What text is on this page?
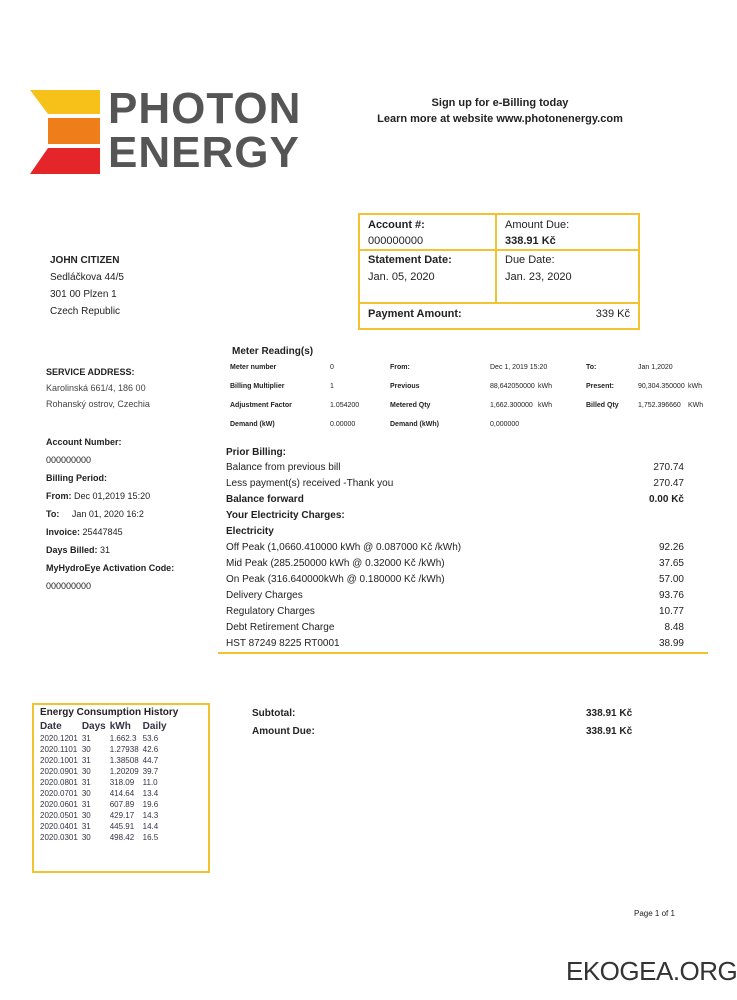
PHOTON
ENERGY
Sign up for e-Billing today
Learn more at website www.photonenergy.com
Account #:
000000000
Amount Due:
338.91 Kč
Statement Date:
Jan. 05, 2020
Due Date:
Jan. 23, 2020
Payment Amount:	339 Kč
JOHN CITIZEN
Sedláčkova 44/5
301 00 Plzen 1
Czech Republic
SERVICE ADDRESS:
Karolinská 661/4, 186 00
Rohanský ostrov, Czechia
Account Number:
000000000
Billing Period:
From: Dec 01,2019 15:20
To: Jan 01, 2020 16:2
Invoice: 25447845
Days Billed: 31
MyHydroEye Activation Code:
000000000
Meter Reading(s)
Meter number	0	From:	Dec 1, 2019 15:20	To:	Jan 1,2020
Billing Multiplier	1	Previous	88,642050000 kWh	Present:	90,304.350000 kWh
Adjustment Factor	1.054200	Metered Qty	1,662.300000 kWh	Billed Qty	1,752.396660 KWh
Demand (kW)	0.00000	Demand (kWh)	0,000000
Prior Billing:
Balance from previous bill	270.74
Less payment(s) received -Thank you	270.47
Balance forward	0.00 Kč
Your Electricity Charges:
Electricity
Off Peak (1,0660.410000 kWh @ 0.087000 Kč /kWh)	92.26
Mid Peak (285.250000 kWh @ 0.32000 Kč /kWh)	37.65
On Peak (316.640000kWh @ 0.180000 Kč /kWh)	57.00
Delivery Charges	93.76
Regulatory Charges	10.77
Debt Retirement Charge	8.48
HST 87249 8225 RT0001	38.99
Subtotal:	338.91 Kč
Amount Due:	338.91 Kč
Energy Consumption History
Date	Days	kWh	Daily
2020.1201	31	1.662.3	53.6
2020.1101	30	1.27938	42.6
2020.1001	31	1.38508	44.7
2020.0901	30	1.20209	39.7
2020.0801	31	318.09	11.0
2020.0701	30	414.64	13.4
2020.0601	31	607.89	19.6
2020.0501	30	429.17	14.3
2020.0401	31	445.91	14.4
2020.0301	30	498.42	16.5
Page 1 of 1
EKOGEA.ORG
